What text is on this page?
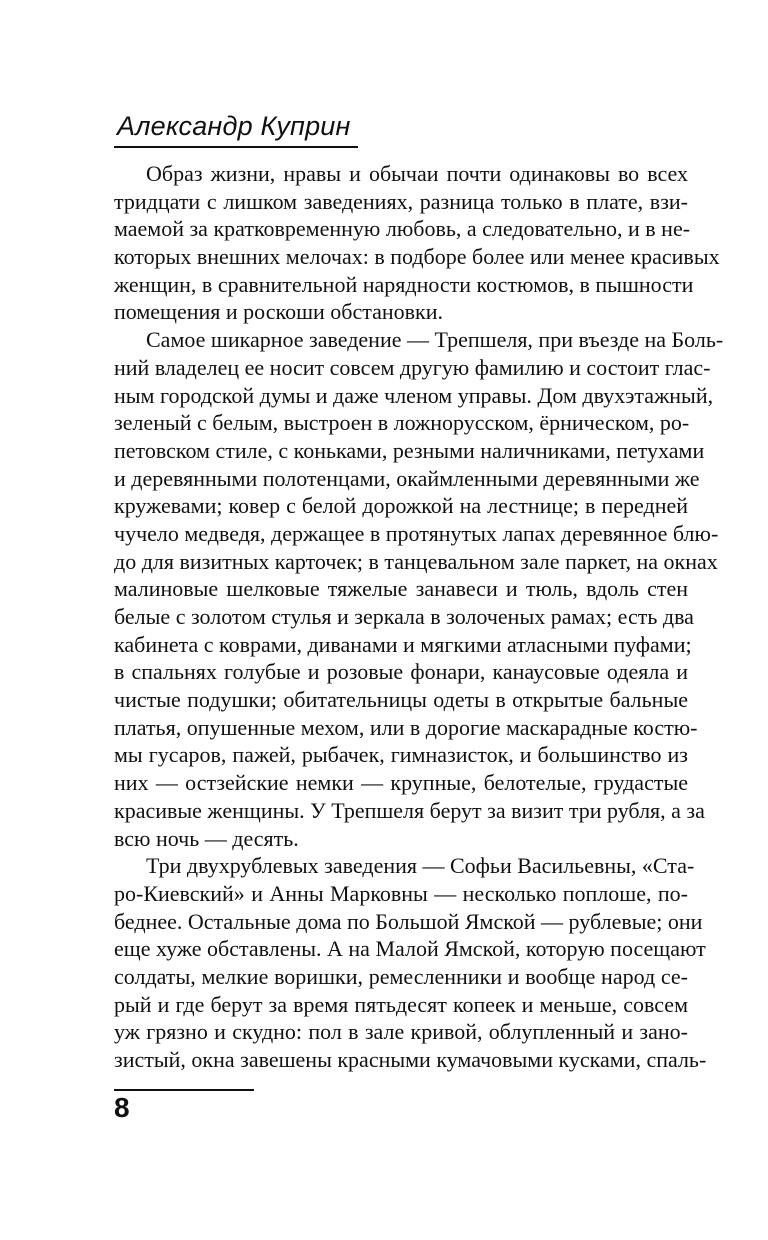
Александр Куприн
Образ жизни, нравы и обычаи почти одинаковы во всех
тридцати с лишком заведениях, разница только в плате, взи-
маемой за кратковременную любовь, а следовательно, и в не-
которых внешних мелочах: в подборе более или менее красивых
женщин, в сравнительной нарядности костюмов, в пышности
помещения и роскоши обстановки.
Самое шикарное заведение — Трепшеля, при въезде на Боль-
ний владелец ее носит совсем другую фамилию и состоит глас-
ным городской думы и даже членом управы. Дом двухэтажный,
зеленый с белым, выстроен в ложнорусском, ёрническом, ро-
петовском стиле, с коньками, резными наличниками, петухами
и деревянными полотенцами, окаймленными деревянными же
кружевами; ковер с белой дорожкой на лестнице; в передней
чучело медведя, держащее в протянутых лапах деревянное блю-
до для визитных карточек; в танцевальном зале паркет, на окнах
малиновые шелковые тяжелые занавеси и тюль, вдоль стен
белые с золотом стулья и зеркала в золоченых рамах; есть два
кабинета с коврами, диванами и мягкими атласными пуфами;
в спальнях голубые и розовые фонари, канаусовые одеяла и
чистые подушки; обитательницы одеты в открытые бальные
платья, опушенные мехом, или в дорогие маскарадные костю-
мы гусаров, пажей, рыбачек, гимназисток, и большинство из
них — остзейские немки — крупные, белотелые, грудастые
красивые женщины. У Трепшеля берут за визит три рубля, а за
всю ночь — десять.
Три двухрублевых заведения — Софьи Васильевны, «Ста-
ро-Киевский» и Анны Марковны — несколько поплоше, по-
беднее. Остальные дома по Большой Ямской — рублевые; они
еще хуже обставлены. А на Малой Ямской, которую посещают
солдаты, мелкие воришки, ремесленники и вообще народ се-
рый и где берут за время пятьдесят копеек и меньше, совсем
уж грязно и скудно: пол в зале кривой, облупленный и зано-
зистый, окна завешены красными кумачовыми кусками, спаль-
8
